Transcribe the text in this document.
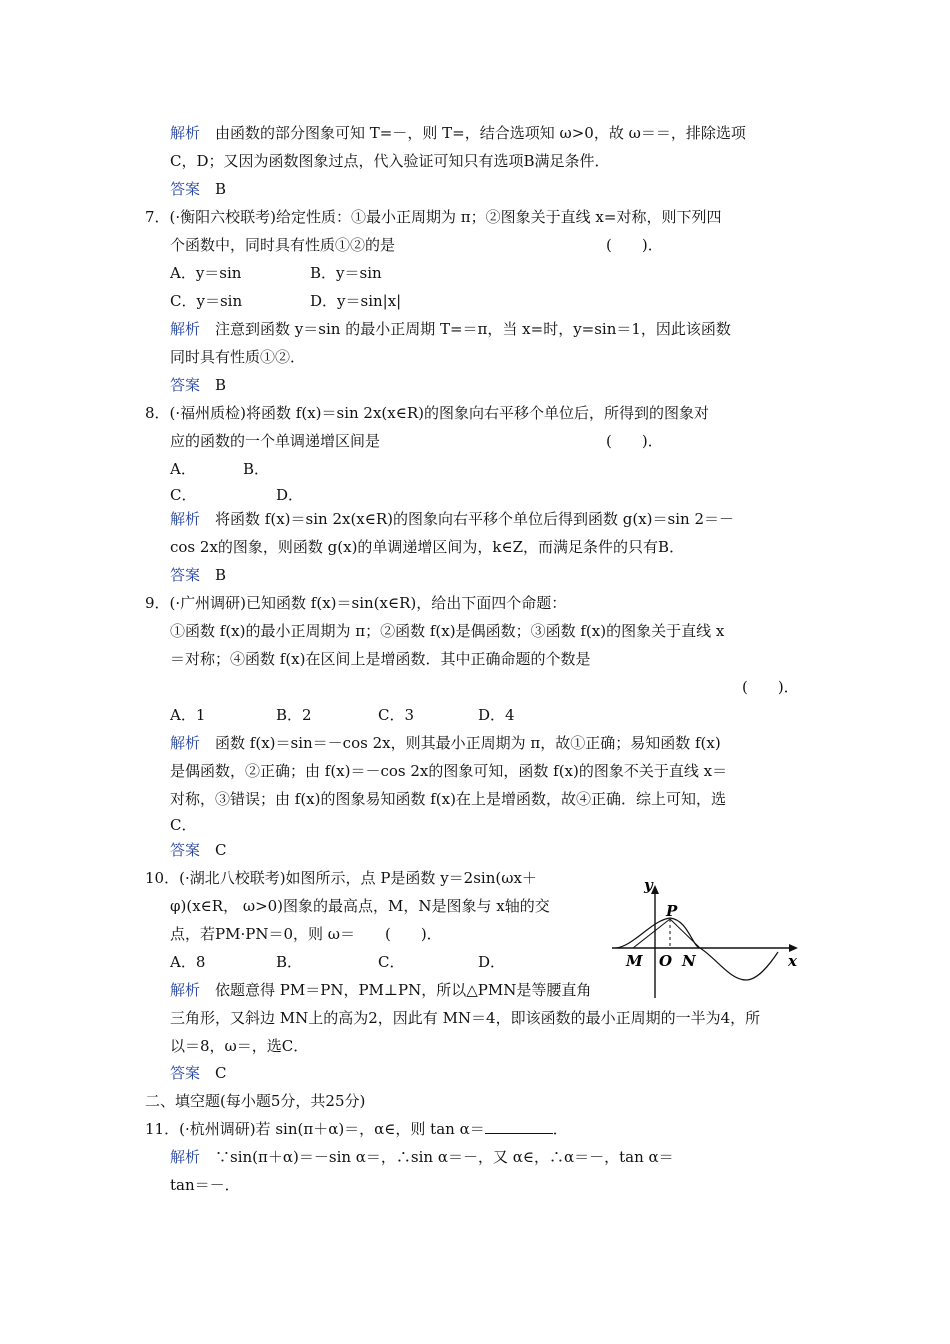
解析　 由函数的部分图象可知 T=－，则 T=，结合选项知 ω>0，故 ω＝＝，排除选项
C，D；又因为函数图象过点，代入验证可知只有选项B满足条件．
答案　 B
7．(·衡阳六校联考)给定性质：①最小正周期为 π；②图象关于直线 x=对称，则下列四
个函数中，同时具有性质①②的是	(　　)．
A．y＝sin	B．y＝sin
C．y＝sin	D．y＝sin|x|
解析　 注意到函数 y＝sin 的最小正周期 T=＝π，当 x=时，y=sin＝1，因此该函数
同时具有性质①②．
答案　 B
8．(·福州质检)将函数 f(x)＝sin 2x(x∈R)的图象向右平移个单位后，所得到的图象对
应的函数的一个单调递增区间是	(　　)．
A．	B．
C．	D．
解析　 将函数 f(x)＝sin 2x(x∈R)的图象向右平移个单位后得到函数 g(x)＝sin 2＝－
cos 2x的图象，则函数 g(x)的单调递增区间为，k∈Z，而满足条件的只有B．
答案　 B
9．(·广州调研)已知函数 f(x)＝sin(x∈R)，给出下面四个命题：
①函数 f(x)的最小正周期为 π；②函数 f(x)是偶函数；③函数 f(x)的图象关于直线 x
＝对称；④函数 f(x)在区间上是增函数．其中正确命题的个数是
(　　)．
A．1	B．2	C．3	D．4
解析　 函数 f(x)＝sin＝－cos 2x，则其最小正周期为 π，故①正确；易知函数 f(x)
是偶函数，②正确；由 f(x)＝－cos 2x的图象可知，函数 f(x)的图象不关于直线 x＝
对称，③错误；由 f(x)的图象易知函数 f(x)在上是增函数，故④正确．综上可知，选
C．
答案　 C
10．(·湖北八校联考)如图所示，点 P是函数 y＝2sin(ωx＋
φ)(x∈R， ω>0)图象的最高点，M，N是图象与 x轴的交
点，若PM·PN＝0，则 ω＝　　(　　)．
A．8	B．	C．	D．
解析　 依题意得 PM＝PN，PM⊥PN，所以△PMN是等腰直角
三角形，又斜边 MN上的高为2，因此有 MN＝4，即该函数的最小正周期的一半为4，所
以＝8，ω＝，选C．
答案　 C
y
x
P
M O N
二、填空题(每小题5分，共25分)
11．(·杭州调研)若 sin(π＋α)＝，α∈，则 tan α＝	．
解析　 ∵sin(π＋α)＝－sin α＝，∴sin α＝－，又 α∈，∴α＝－，tan α＝
tan＝－．
